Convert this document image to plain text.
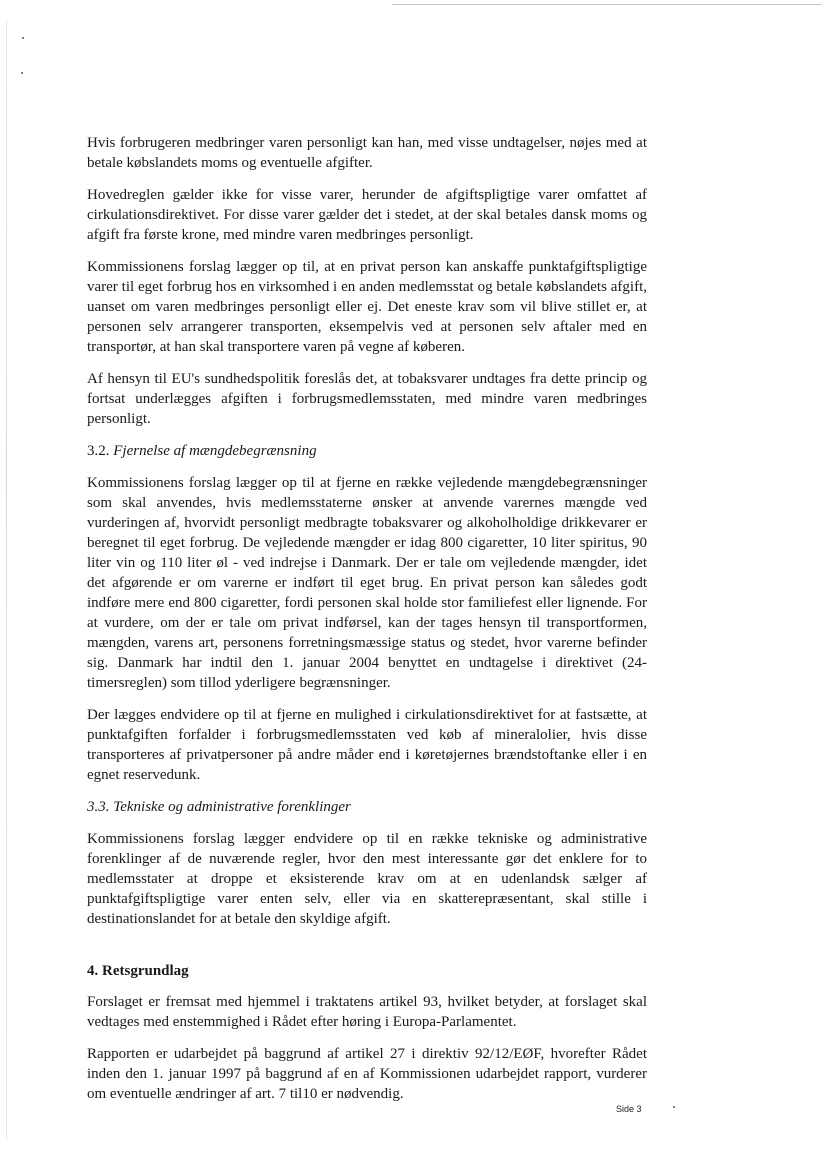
Hvis forbrugeren medbringer varen personligt kan han, med visse undtagelser, nøjes med at betale købslandets moms og eventuelle afgifter.

Hovedreglen gælder ikke for visse varer, herunder de afgiftspligtige varer omfattet af cirkulationsdirektivet. For disse varer gælder det i stedet, at der skal betales dansk moms og afgift fra første krone, med mindre varen medbringes personligt.

Kommissionens forslag lægger op til, at en privat person kan anskaffe punktafgiftspligtige varer til eget forbrug hos en virksomhed i en anden medlemsstat og betale købslandets afgift, uanset om varen medbringes personligt eller ej. Det eneste krav som vil blive stillet er, at personen selv arrangerer transporten, eksempelvis ved at personen selv aftaler med en transportør, at han skal transportere varen på vegne af køberen.

Af hensyn til EU's sundhedspolitik foreslås det, at tobaksvarer undtages fra dette princip og fortsat underlægges afgiften i forbrugsmedlemsstaten, med mindre varen medbringes personligt.

3.2. Fjernelse af mængdebegrænsning

Kommissionens forslag lægger op til at fjerne en række vejledende mængdebegrænsninger som skal anvendes, hvis medlemsstaterne ønsker at anvende varernes mængde ved vurderingen af, hvorvidt personligt medbragte tobaksvarer og alkoholholdige drikkevarer er beregnet til eget forbrug. De vejledende mængder er idag 800 cigaretter, 10 liter spiritus, 90 liter vin og 110 liter øl - ved indrejse i Danmark. Der er tale om vejledende mængder, idet det afgørende er om varerne er indført til eget brug. En privat person kan således godt indføre mere end 800 cigaretter, fordi personen skal holde stor familiefest eller lignende. For at vurdere, om der er tale om privat indførsel, kan der tages hensyn til transportformen, mængden, varens art, personens forretningsmæssige status og stedet, hvor varerne befinder sig. Danmark har indtil den 1. januar 2004 benyttet en undtagelse i direktivet (24-timersreglen) som tillod yderligere begrænsninger.

Der lægges endvidere op til at fjerne en mulighed i cirkulationsdirektivet for at fastsætte, at punktafgiften forfalder i forbrugsmedlemsstaten ved køb af mineralolier, hvis disse transporteres af privatpersoner på andre måder end i køretøjernes brændstoftanke eller i en egnet reservedunk.

3.3. Tekniske og administrative forenklinger

Kommissionens forslag lægger endvidere op til en række tekniske og administrative forenklinger af de nuværende regler, hvor den mest interessante gør det enklere for to medlemsstater at droppe et eksisterende krav om at en udenlandsk sælger af punktafgiftspligtige varer enten selv, eller via en skatterepræsentant, skal stille i destinationslandet for at betale den skyldige afgift.

4. Retsgrundlag

Forslaget er fremsat med hjemmel i traktatens artikel 93, hvilket betyder, at forslaget skal vedtages med enstemmighed i Rådet efter høring i Europa-Parlamentet.

Rapporten er udarbejdet på baggrund af artikel 27 i direktiv 92/12/EØF, hvorefter Rådet inden den 1. januar 1997 på baggrund af en af Kommissionen udarbejdet rapport, vurderer om eventuelle ændringer af art. 7 til10 er nødvendig.

Side 3
